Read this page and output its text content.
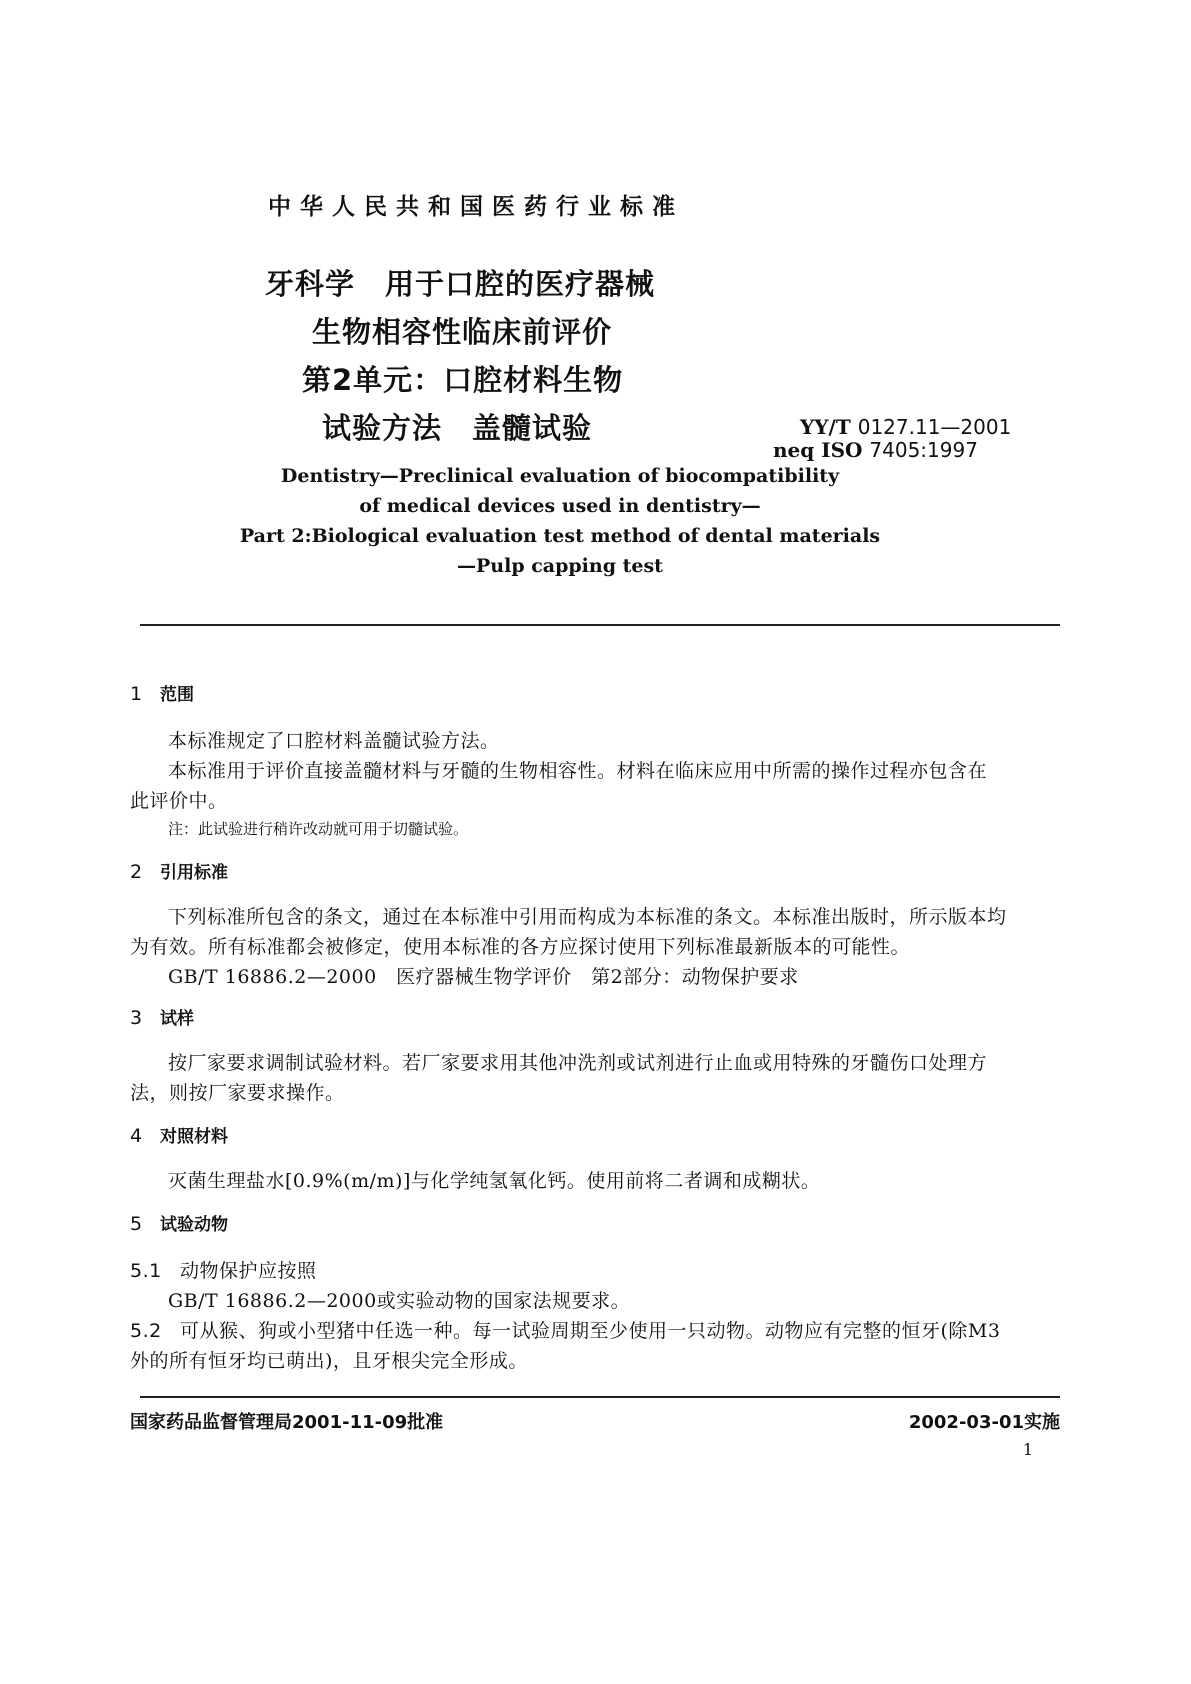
中华人民共和国医药行业标准
牙科学　用于口腔的医疗器械
生物相容性临床前评价
第2单元：口腔材料生物
试验方法　盖髓试验	YY/T 0127.11—2001
neq ISO 7405:1997
Dentistry—Preclinical evaluation of biocompatibility
of medical devices used in dentistry—
Part 2:Biological evaluation test method of dental materials
—Pulp capping test
1 范围
本标准规定了口腔材料盖髓试验方法。
本标准用于评价直接盖髓材料与牙髓的生物相容性。材料在临床应用中所需的操作过程亦包含在
此评价中。
注：此试验进行稍许改动就可用于切髓试验。
2 引用标准
下列标准所包含的条文，通过在本标准中引用而构成为本标准的条文。本标准出版时，所示版本均
为有效。所有标准都会被修定，使用本标准的各方应探讨使用下列标准最新版本的可能性。
GB/T 16886.2—2000　医疗器械生物学评价　第2部分：动物保护要求
3 试样
按厂家要求调制试验材料。若厂家要求用其他冲洗剂或试剂进行止血或用特殊的牙髓伤口处理方
法，则按厂家要求操作。
4 对照材料
灭菌生理盐水[0.9%(m/m)]与化学纯氢氧化钙。使用前将二者调和成糊状。
5 试验动物
5.1 动物保护应按照
GB/T 16886.2—2000或实验动物的国家法规要求。
5.2 可从猴、狗或小型猪中任选一种。每一试验周期至少使用一只动物。动物应有完整的恒牙(除M3
外的所有恒牙均已萌出)，且牙根尖完全形成。
国家药品监督管理局2001-11-09批准	2002-03-01实施
1
